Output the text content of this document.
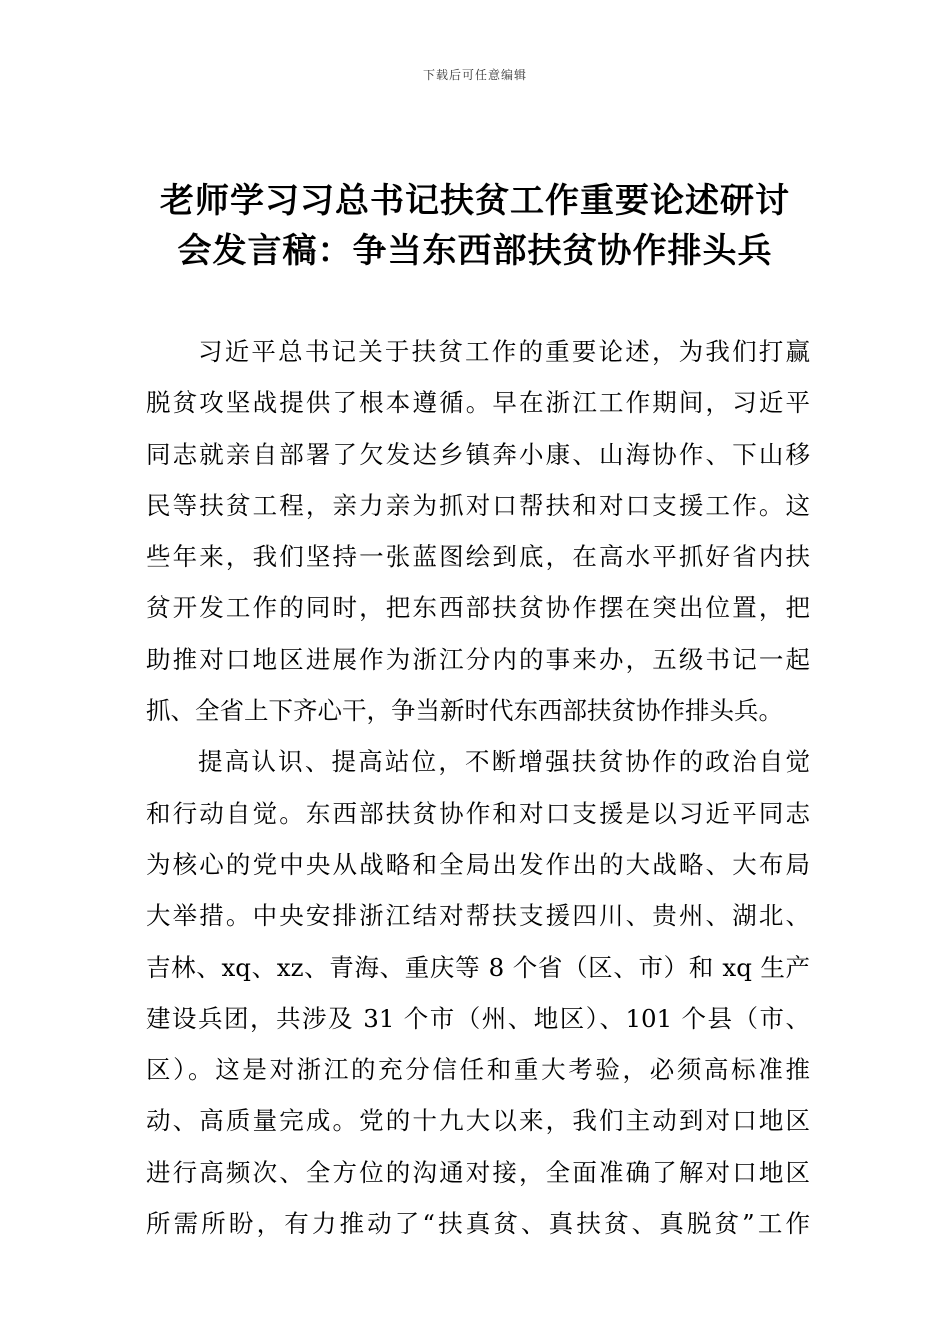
下载后可任意编辑
老师学习习总书记扶贫工作重要论述研讨
会发言稿：争当东西部扶贫协作排头兵

习近平总书记关于扶贫工作的重要论述，为我们打赢
脱贫攻坚战提供了根本遵循。早在浙江工作期间，习近平
同志就亲自部署了欠发达乡镇奔小康、山海协作、下山移
民等扶贫工程，亲力亲为抓对口帮扶和对口支援工作。这
些年来，我们坚持一张蓝图绘到底，在高水平抓好省内扶
贫开发工作的同时，把东西部扶贫协作摆在突出位置，把
助推对口地区进展作为浙江分内的事来办，五级书记一起
抓、全省上下齐心干，争当新时代东西部扶贫协作排头兵。

提高认识、提高站位，不断增强扶贫协作的政治自觉
和行动自觉。东西部扶贫协作和对口支援是以习近平同志
为核心的党中央从战略和全局出发作出的大战略、大布局
大举措。中央安排浙江结对帮扶支援四川、贵州、湖北、
吉林、xq、xz、青海、重庆等 8 个省（区、市）和 xq 生产
建设兵团，共涉及 31 个市（州、地区）、101 个县（市、
区）。这是对浙江的充分信任和重大考验，必须高标准推
动、高质量完成。党的十九大以来，我们主动到对口地区
进行高频次、全方位的沟通对接，全面准确了解对口地区
所需所盼，有力推动了“扶真贫、真扶贫、真脱贫”工作
